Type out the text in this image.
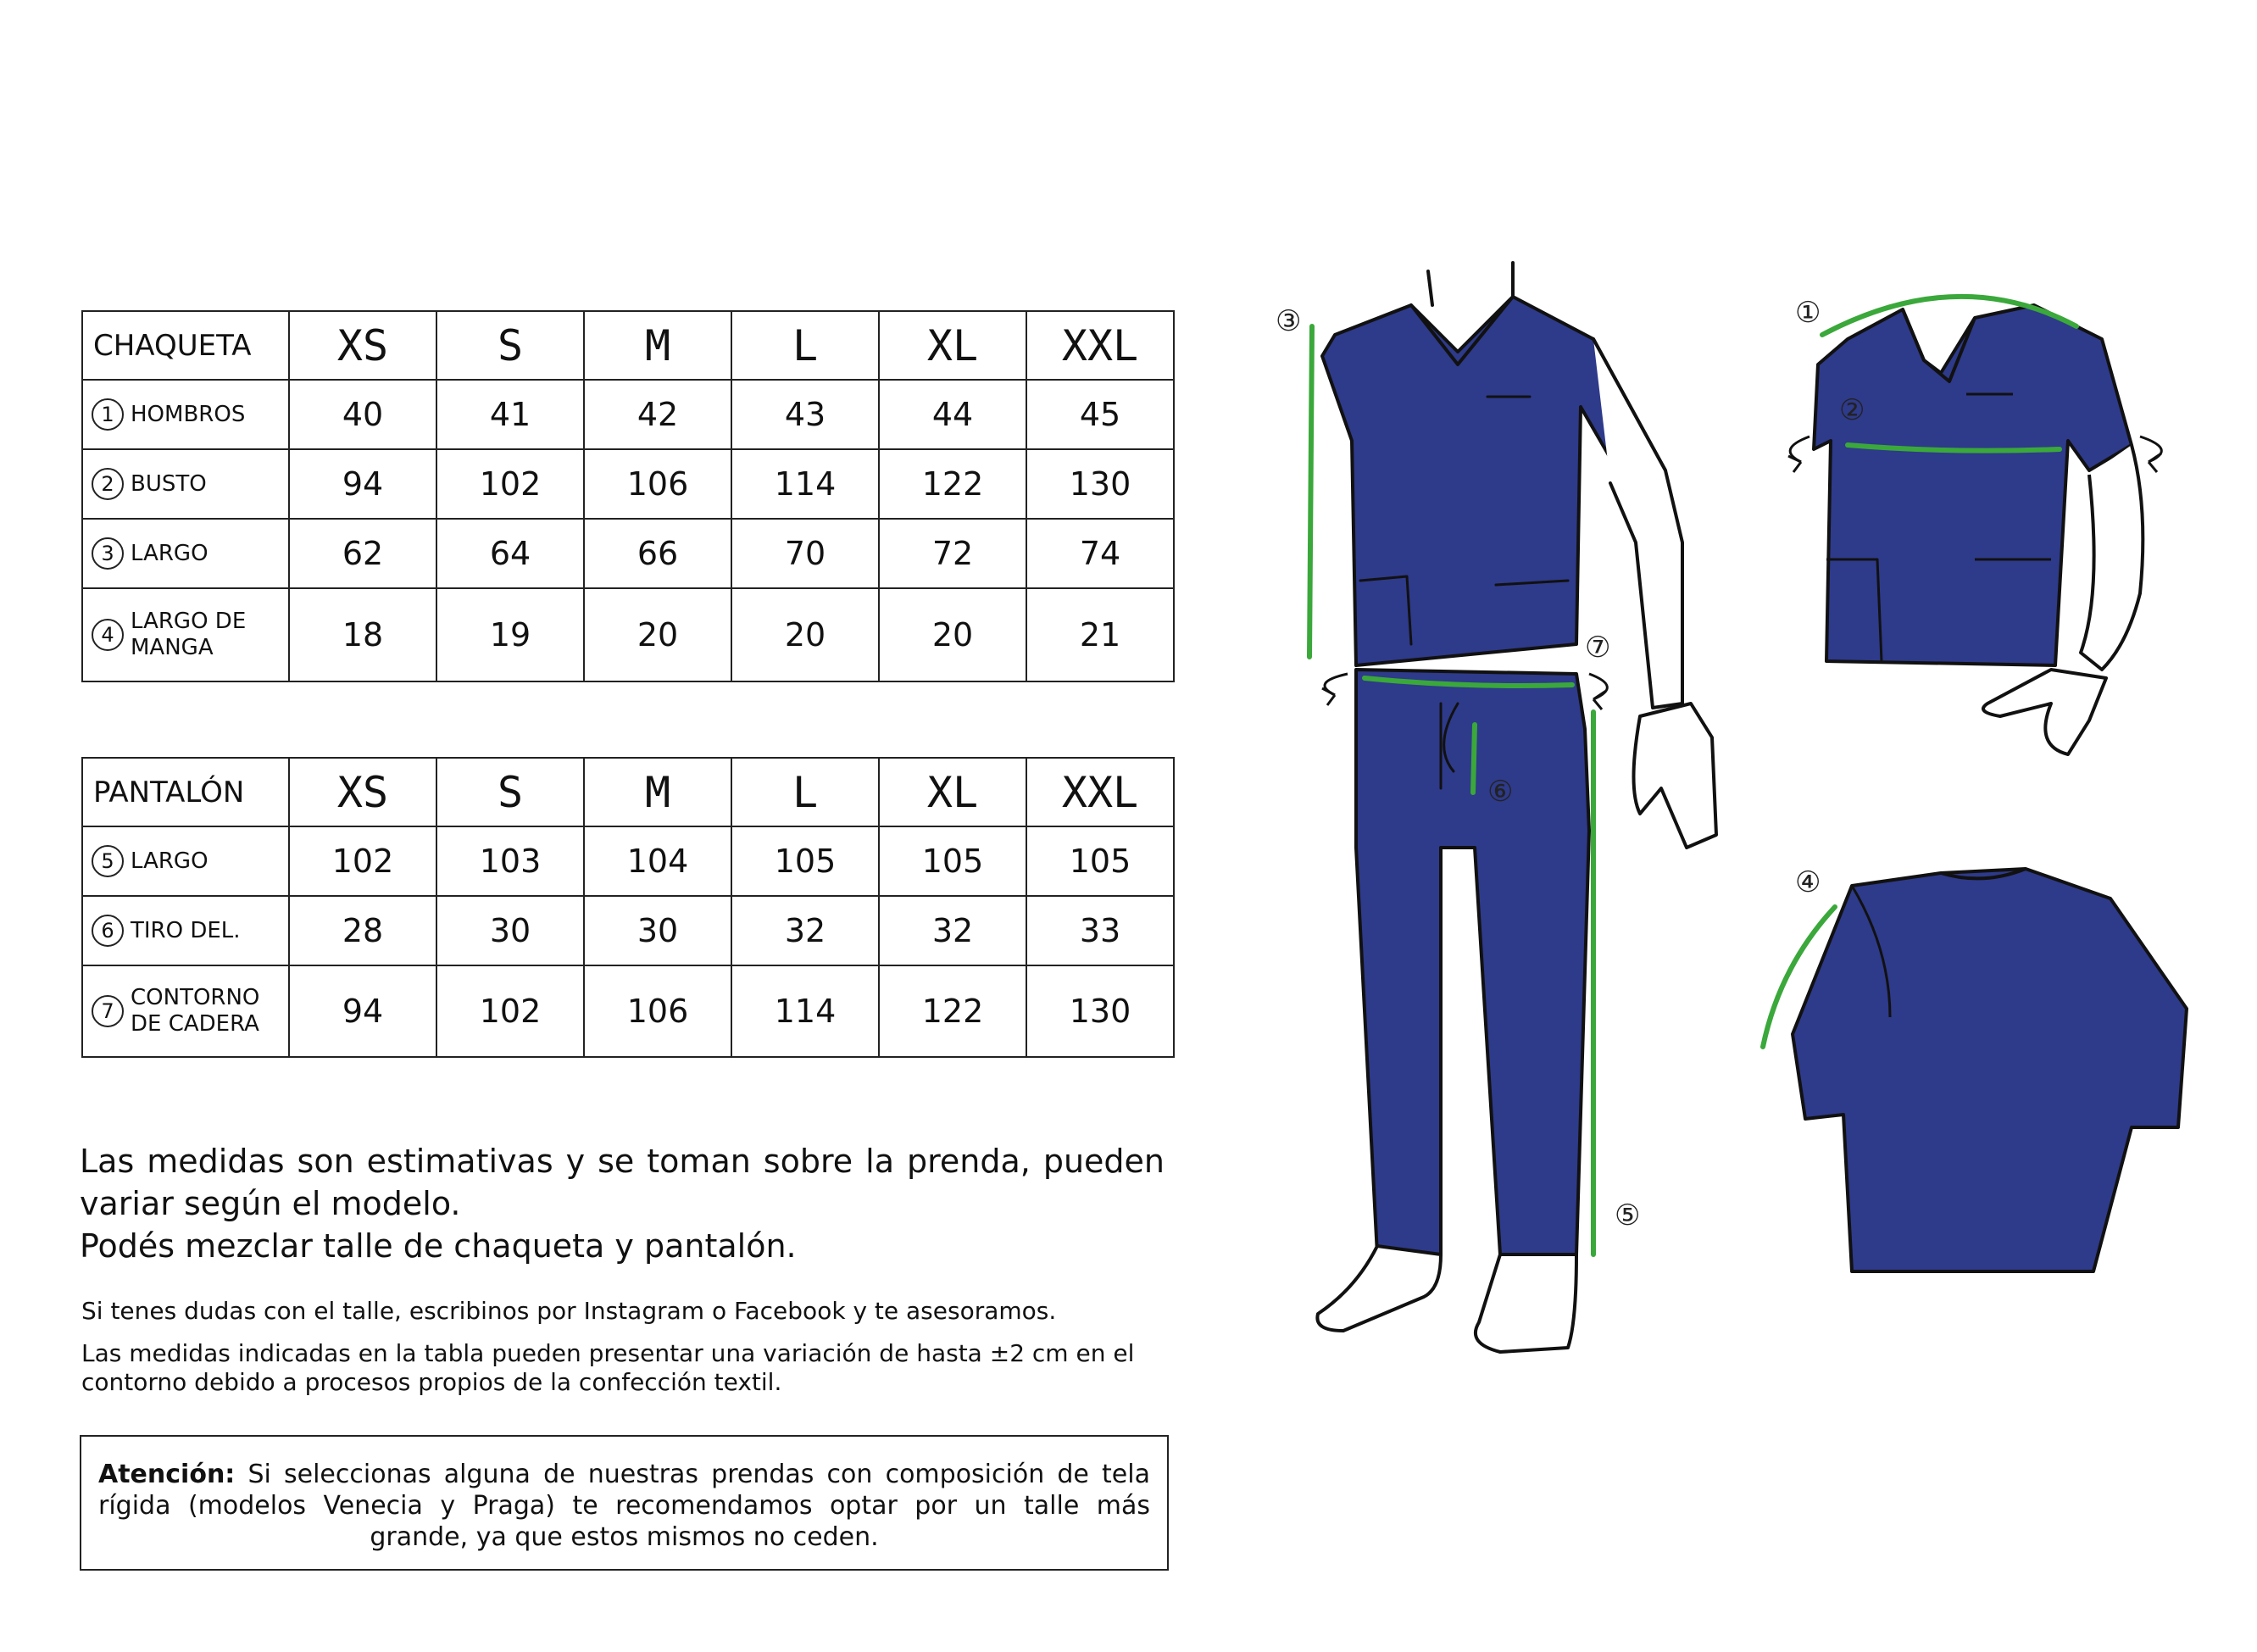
CHAQUETA	XS	S	M	L	XL	XXL
1 HOMBROS	40	41	42	43	44	45
2 BUSTO	94	102	106	114	122	130
3 LARGO	62	64	66	70	72	74
4LARGO DE MANGA	18	19	20	20	20	21
PANTALÓN	XS	S	M	L	XL	XXL
5 LARGO	102	103	104	105	105	105
6 TIRO DEL.	28	30	30	32	32	33
7CONTORNO DE CADERA	94	102	106	114	122	130

Las medidas son estimativas y se toman sobre la prenda, pueden variar según el modelo.

Podés mezclar talle de chaqueta y pantalón.

Si tenes dudas con el talle, escribinos por Instagram o Facebook y te asesoramos.
Las medidas indicadas en la tabla pueden presentar una variación de hasta ±2 cm en el contorno debido a procesos propios de la confección textil.
Atención: Si seleccionas alguna de nuestras prendas con composición de tela rígida (modelos Venecia y Praga) te recomendamos optar por un talle más grande, ya que estos mismos no ceden.
③
⑦
⑥
⑤
①
②
④
